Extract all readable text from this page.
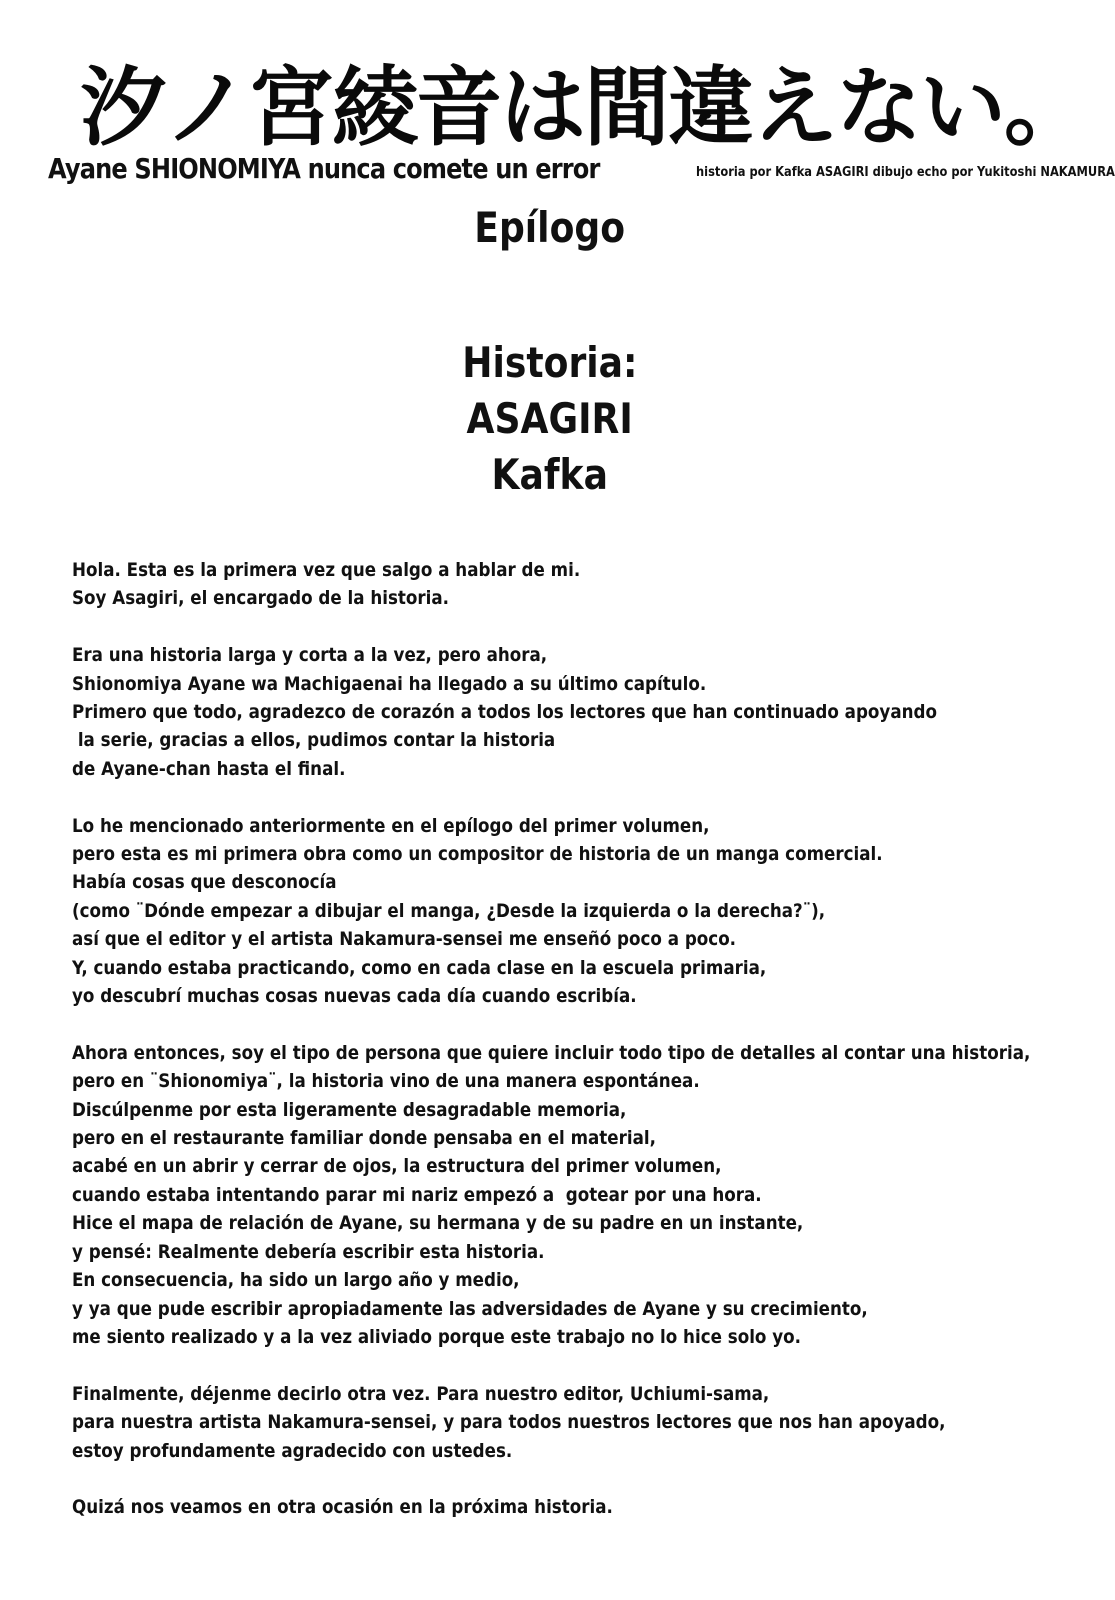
汐ノ宮綾音は間違えない。
Ayane SHIONOMIYA nunca comete un error	historia por Kafka ASAGIRI dibujo echo por Yukitoshi NAKAMURA
Epílogo
Historia:
ASAGIRI
Kafka
Hola. Esta es la primera vez que salgo a hablar de mi.
Soy Asagiri, el encargado de la historia.
Era una historia larga y corta a la vez, pero ahora,
Shionomiya Ayane wa Machigaenai ha llegado a su último capítulo.
Primero que todo, agradezco de corazón a todos los lectores que han continuado apoyando
la serie, gracias a ellos, pudimos contar la historia
de Ayane-chan hasta el final.
Lo he mencionado anteriormente en el epílogo del primer volumen,
pero esta es mi primera obra como un compositor de historia de un manga comercial.
Había cosas que desconocía
(como ¨Dónde empezar a dibujar el manga, ¿Desde la izquierda o la derecha?¨),
así que el editor y el artista Nakamura-sensei me enseñó poco a poco.
Y, cuando estaba practicando, como en cada clase en la escuela primaria,
yo descubrí muchas cosas nuevas cada día cuando escribía.
Ahora entonces, soy el tipo de persona que quiere incluir todo tipo de detalles al contar una historia,
pero en ¨Shionomiya¨, la historia vino de una manera espontánea.
Discúlpenme por esta ligeramente desagradable memoria,
pero en el restaurante familiar donde pensaba en el material,
acabé en un abrir y cerrar de ojos, la estructura del primer volumen,
cuando estaba intentando parar mi nariz empezó a  gotear por una hora.
Hice el mapa de relación de Ayane, su hermana y de su padre en un instante,
y pensé: Realmente debería escribir esta historia.
En consecuencia, ha sido un largo año y medio,
y ya que pude escribir apropiadamente las adversidades de Ayane y su crecimiento,
me siento realizado y a la vez aliviado porque este trabajo no lo hice solo yo.
Finalmente, déjenme decirlo otra vez. Para nuestro editor, Uchiumi-sama,
para nuestra artista Nakamura-sensei, y para todos nuestros lectores que nos han apoyado,
estoy profundamente agradecido con ustedes.
Quizá nos veamos en otra ocasión en la próxima historia.
